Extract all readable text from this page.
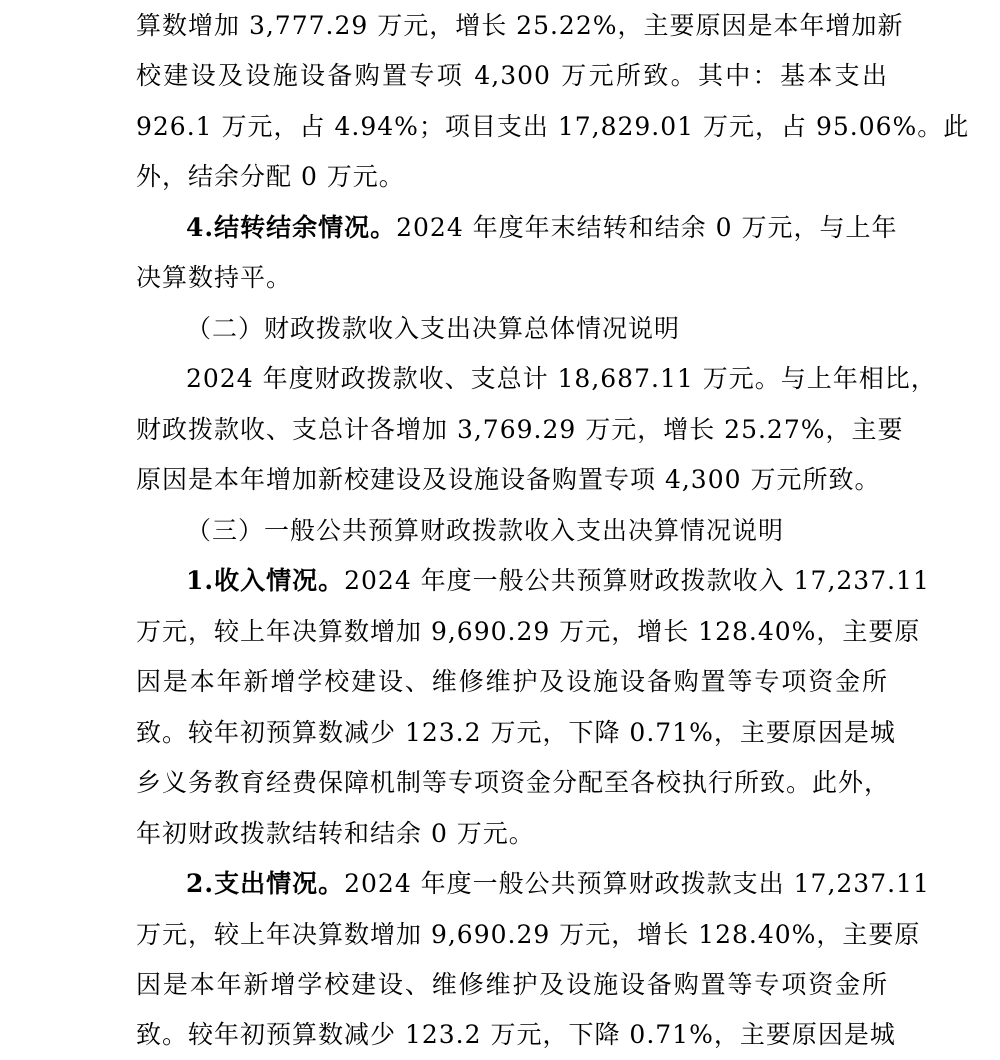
算数增加 3,777.29 万元，增长 25.22%，主要原因是本年增加新
校建设及设施设备购置专项 4,300 万元所致。其中：基本支出
926.1 万元，占 4.94%；项目支出 17,829.01 万元，占 95.06%。此
外，结余分配 0 万元。
4.结转结余情况。2024 年度年末结转和结余 0 万元，与上年
决算数持平。
（二）财政拨款收入支出决算总体情况说明
2024 年度财政拨款收、支总计 18,687.11 万元。与上年相比，
财政拨款收、支总计各增加 3,769.29 万元，增长 25.27%，主要
原因是本年增加新校建设及设施设备购置专项 4,300 万元所致。
（三）一般公共预算财政拨款收入支出决算情况说明
1.收入情况。2024 年度一般公共预算财政拨款收入 17,237.11
万元，较上年决算数增加 9,690.29 万元，增长 128.40%，主要原
因是本年新增学校建设、维修维护及设施设备购置等专项资金所
致。较年初预算数减少 123.2 万元，下降 0.71%，主要原因是城
乡义务教育经费保障机制等专项资金分配至各校执行所致。此外，
年初财政拨款结转和结余 0 万元。
2.支出情况。2024 年度一般公共预算财政拨款支出 17,237.11
万元，较上年决算数增加 9,690.29 万元，增长 128.40%，主要原
因是本年新增学校建设、维修维护及设施设备购置等专项资金所
致。较年初预算数减少 123.2 万元，下降 0.71%，主要原因是城
